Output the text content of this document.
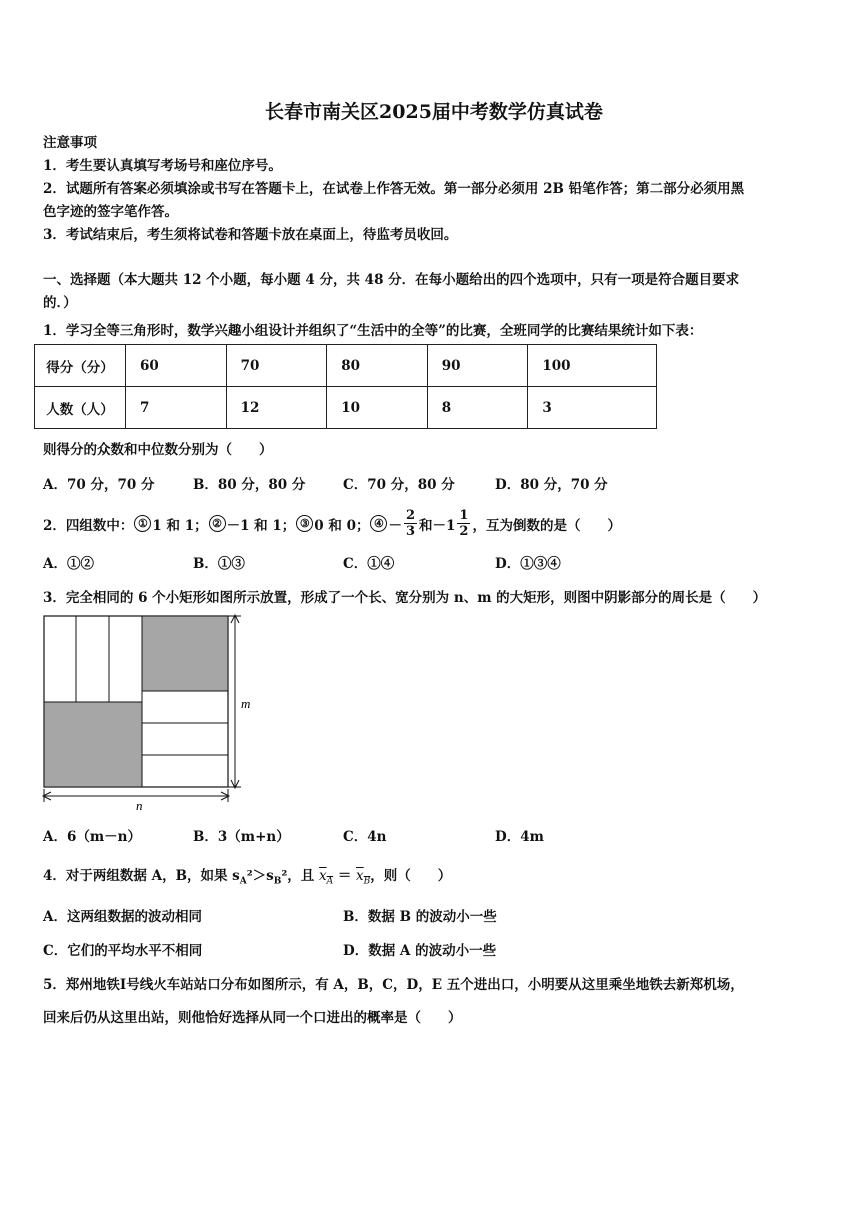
长春市南关区2025届中考数学仿真试卷
注意事项
1．考生要认真填写考场号和座位序号。
2．试题所有答案必须填涂或书写在答题卡上，在试卷上作答无效。第一部分必须用 2B 铅笔作答；第二部分必须用黑
色字迹的签字笔作答。
3．考试结束后，考生须将试卷和答题卡放在桌面上，待监考员收回。
一、选择题（本大题共 12 个小题，每小题 4 分，共 48 分．在每小题给出的四个选项中，只有一项是符合题目要求
的．）
1．学习全等三角形时，数学兴趣小组设计并组织了“生活中的全等”的比赛，全班同学的比赛结果统计如下表：
得分（分）	60	70	80	90	100
人数（人）	7	12	10	8	3
则得分的众数和中位数分别为（　　）
A．70 分，70 分	B．80 分，80 分	C．70 分，80 分	D．80 分，70 分
2．四组数中： ① 1 和 1； ② －1 和 1； ③ 0 和 0； ④ － $\frac{2}{3}$ 和$-1 \frac{1}{2}$ ，互为倒数的是（　　）
A．①②	B．①③	C．①④	D．①③④
3．完全相同的 6 个小矩形如图所示放置，形成了一个长、宽分别为 n、m 的大矩形，则图中阴影部分的周长是（　　）
m
n
A．6（m－n）	B．3（m+n）	C．4n	D．4m
4．对于两组数据 A，B，如果 $s_A^2>s_B^2$，且 $x_A = x_B$，则（　　）
A．这两组数据的波动相同	B．数据 B 的波动小一些
C．它们的平均水平不相同	D．数据 A 的波动小一些
5．郑州地铁Ⅰ号线火车站站口分布如图所示，有 A，B，C，D，E 五个进出口，小明要从这里乘坐地铁去新郑机场，
回来后仍从这里出站，则他恰好选择从同一个口进出的概率是（　　）
